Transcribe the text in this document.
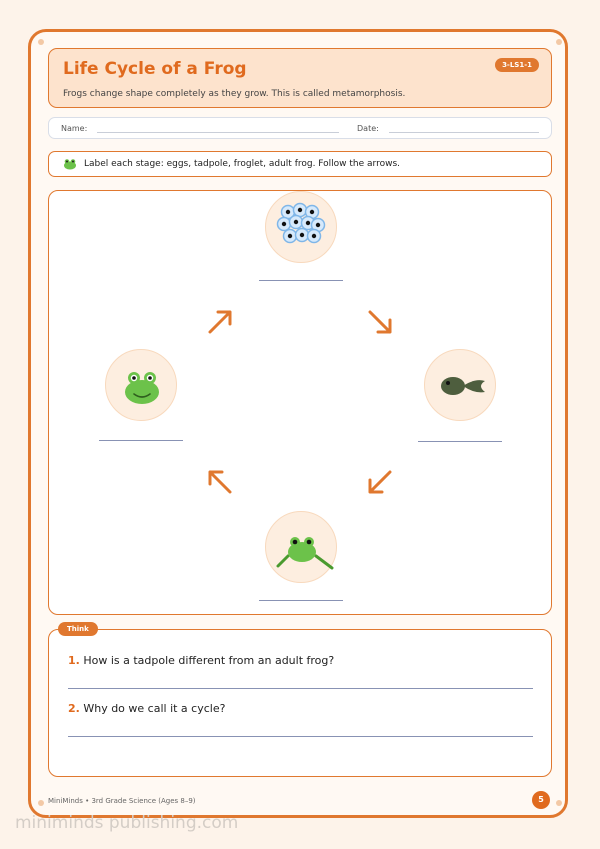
Life Cycle of a Frog
Frogs change shape completely as they grow. This is called metamorphosis.
3-LS1-1
Name:	Date:
Label each stage: eggs, tadpole, froglet, adult frog. Follow the arrows.
Think
1. How is a tadpole different from an adult frog?
2. Why do we call it a cycle?
MiniMinds • 3rd Grade Science (Ages 8–9)	5
miniminds publishing.com
